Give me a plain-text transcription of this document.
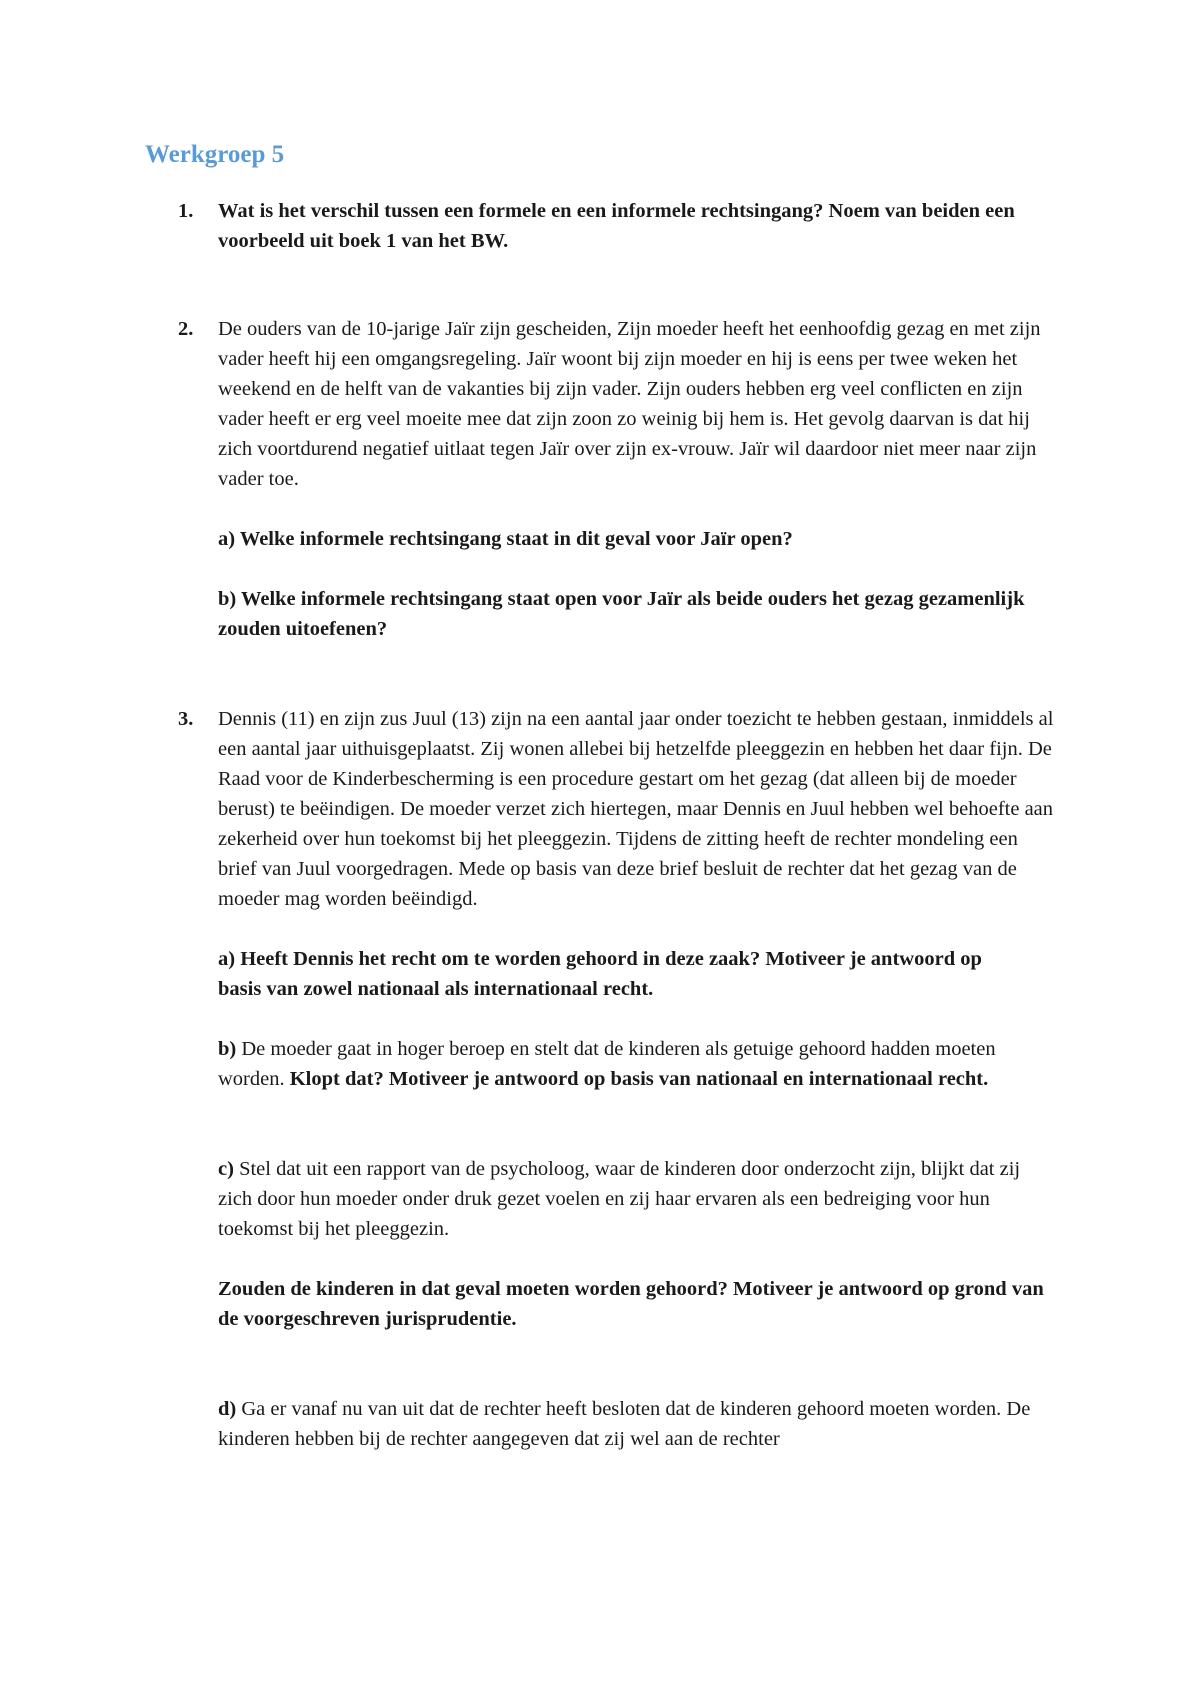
Werkgroep 5
1.	Wat is het verschil tussen een formele en een informele rechtsingang? Noem van beiden een voorbeeld uit boek 1 van het BW.

2.	De ouders van de 10-jarige Jaïr zijn gescheiden, Zijn moeder heeft het eenhoofdig gezag en met zijn vader heeft hij een omgangsregeling. Jaïr woont bij zijn moeder en hij is eens per twee weken het weekend en de helft van de vakanties bij zijn vader. Zijn ouders hebben erg veel conflicten en zijn vader heeft er erg veel moeite mee dat zijn zoon zo weinig bij hem is. Het gevolg daarvan is dat hij zich voortdurend negatief uitlaat tegen Jaïr over zijn ex-vrouw. Jaïr wil daardoor niet meer naar zijn vader toe.

a) Welke informele rechtsingang staat in dit geval voor Jaïr open?

b) Welke informele rechtsingang staat open voor Jaïr als beide ouders het gezag gezamenlijk zouden uitoefenen?

3.	Dennis (11) en zijn zus Juul (13) zijn na een aantal jaar onder toezicht te hebben gestaan, inmiddels al een aantal jaar uithuisgeplaatst. Zij wonen allebei bij hetzelfde pleeggezin en hebben het daar fijn. De Raad voor de Kinderbescherming is een procedure gestart om het gezag (dat alleen bij de moeder berust) te beëindigen. De moeder verzet zich hiertegen, maar Dennis en Juul hebben wel behoefte aan zekerheid over hun toekomst bij het pleeggezin. Tijdens de zitting heeft de rechter mondeling een brief van Juul voorgedragen. Mede op basis van deze brief besluit de rechter dat het gezag van de moeder mag worden beëindigd.

a) Heeft Dennis het recht om te worden gehoord in deze zaak? Motiveer je antwoord op basis van zowel nationaal als internationaal recht.

b) De moeder gaat in hoger beroep en stelt dat de kinderen als getuige gehoord hadden moeten worden. Klopt dat? Motiveer je antwoord op basis van nationaal en internationaal recht.

c) Stel dat uit een rapport van de psycholoog, waar de kinderen door onderzocht zijn, blijkt dat zij zich door hun moeder onder druk gezet voelen en zij haar ervaren als een bedreiging voor hun toekomst bij het pleeggezin.

Zouden de kinderen in dat geval moeten worden gehoord? Motiveer je antwoord op grond van de voorgeschreven jurisprudentie.

d) Ga er vanaf nu van uit dat de rechter heeft besloten dat de kinderen gehoord moeten worden. De kinderen hebben bij de rechter aangegeven dat zij wel aan de rechter
